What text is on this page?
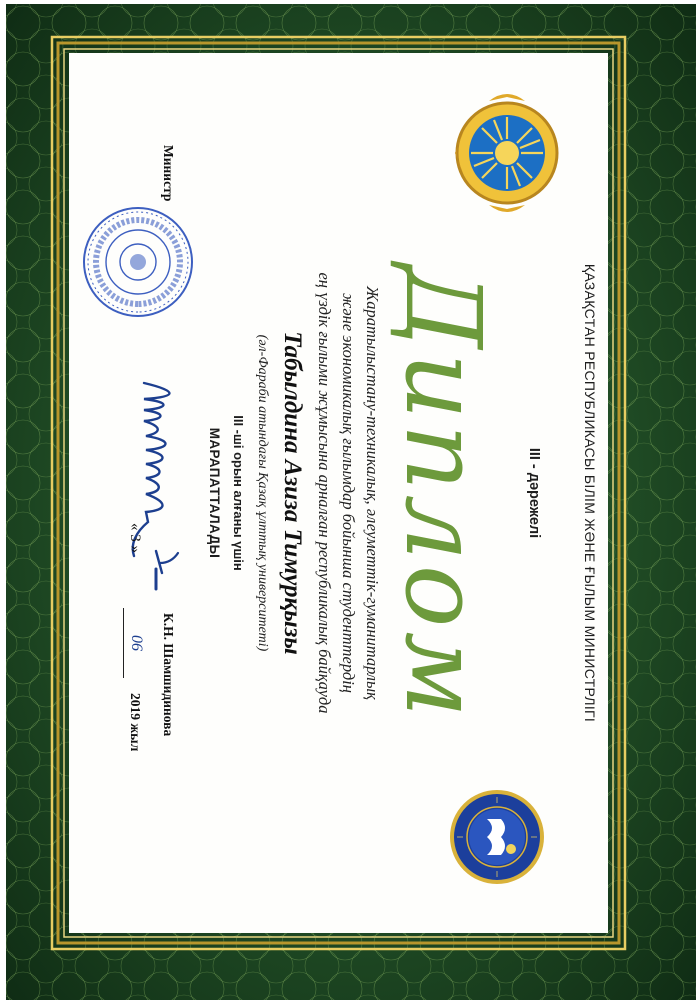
ҚАЗАҚСТАН РЕСПУБЛИКАСЫ БІЛІМ ЖӘНЕ ҒЫЛЫМ МИНИСТРЛІГІ
III - дәрежелі
Диплом
Жаратылыстану-техникалық, әлеуметтік-гуманитарлық
және экономикалық ғылымдар бойынша студенттердің
ең үздік ғылыми жұмысына арналған республикалық байқауда
Табылдина Азиза Тимурқызы
(әл-Фараби атындағы Қазақ ұлттық университеті)
III -ші орын алғаны үшін
МАРАПАТТАЛАДЫ
Министр
К.Н. Шамшидинова
« 3 »
06
2019 жыл
